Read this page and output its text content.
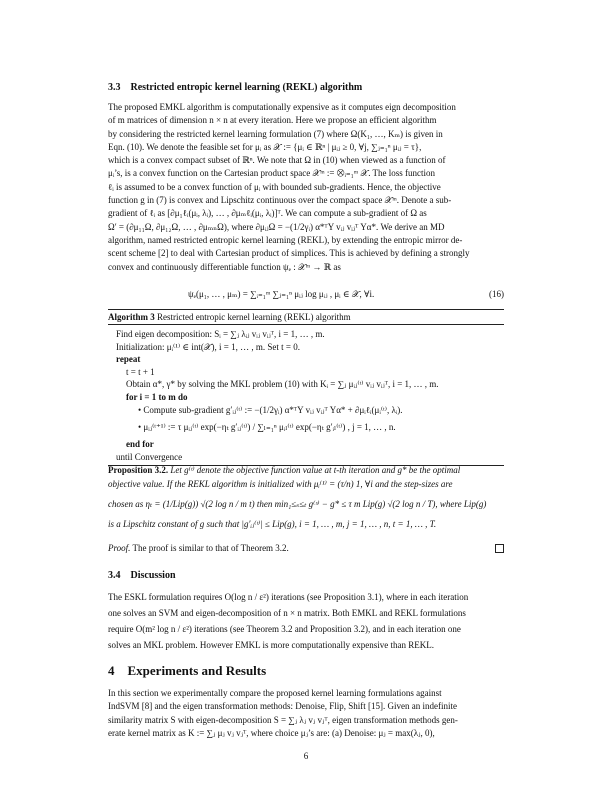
3.3 Restricted entropic kernel learning (REKL) algorithm
The proposed EMKL algorithm is computationally expensive as it computes eign decomposition
of m matrices of dimension n × n at every iteration. Here we propose an efficient algorithm
by considering the restricted kernel learning formulation (7) where Ω(K₁, …, Kₘ) is given in
Eqn. (10). We denote the feasible set for μᵢ as 𝒳 := {μᵢ ∈ ℝⁿ | μᵢⱼ ≥ 0, ∀j, ∑ⱼ₌₁ⁿ μᵢⱼ = τ},
which is a convex compact subset of ℝⁿ. We note that Ω in (10) when viewed as a function of
μᵢ’s, is a convex function on the Cartesian product space 𝒳ᵐ := ⨂ᵢ₌₁ᵐ 𝒳. The loss function
ℓᵢ is assumed to be a convex function of μᵢ with bounded sub-gradients. Hence, the objective
function g in (7) is convex and Lipschitz continuous over the compact space 𝒳ᵐ. Denote a sub-
gradient of ℓᵢ as [∂μ₁ℓᵢ(μᵢ, λᵢ), … , ∂μₘℓᵢ(μᵢ, λᵢ)]ᵀ. We can compute a sub-gradient of Ω as
Ω′ = (∂μ₁₁Ω, ∂μ₁₂Ω, … , ∂μₘₙΩ), where ∂μᵢⱼΩ = −(1/2γᵢ) α*ᵀY vᵢⱼ vᵢⱼᵀ Yα*. We derive an MD
algorithm, named restricted entropic kernel learning (REKL), by extending the entropic mirror de-
scent scheme [2] to deal with Cartesian product of simplices. This is achieved by defining a strongly
convex and continuously differentiable function ψₑ : 𝒳ᵐ → ℝ as
ψₑ(μ₁, … , μₘ) = ∑ᵢ₌₁ᵐ ∑ⱼ₌₁ⁿ μᵢⱼ log μᵢⱼ , μᵢ ∈ 𝒳, ∀i.	(16)
Algorithm 3 Restricted entropic kernel learning (REKL) algorithm
Find eigen decomposition: Sᵢ = ∑ⱼ λᵢⱼ vᵢⱼ vᵢⱼᵀ, i = 1, … , m.
Initialization: μᵢ⁽¹⁾ ∈ int(𝒳), i = 1, … , m. Set t = 0.
repeat
t = t + 1
Obtain α*, γ* by solving the MKL problem (10) with Kᵢ = ∑ⱼ μᵢⱼ⁽ᵗ⁾ vᵢⱼ vᵢⱼᵀ, i = 1, … , m.
for i = 1 to m do
• Compute sub-gradient g′ᵢⱼ⁽ᵗ⁾ := −(1/2γᵢ) α*ᵀY vᵢⱼ vᵢⱼᵀ Yα* + ∂μᵢℓᵢ(μᵢ⁽ᵗ⁾, λᵢ).
• μᵢⱼ⁽ᵗ⁺¹⁾ := τ μᵢⱼ⁽ᵗ⁾ exp(−ηₜ g′ᵢⱼ⁽ᵗ⁾) / ∑ₗ₌₁ⁿ μᵢₗ⁽ᵗ⁾ exp(−ηₜ g′ᵢₗ⁽ᵗ⁾) , j = 1, … , n.
end for
until Convergence
Proposition 3.2. Let g⁽ᵗ⁾ denote the objective function value at t-th iteration and g* be the optimal
objective value. If the REKL algorithm is initialized with μᵢ⁽¹⁾ = (τ/n) 1, ∀i and the step-sizes are
chosen as ηₜ = (1/Lip(g)) √(2 log n / m t) then min₁≤ₛ≤ₜ g⁽ˢ⁾ − g* ≤ τ m Lip(g) √(2 log n / T), where Lip(g)
is a Lipschitz constant of g such that |g′ᵢⱼ⁽ᵗ⁾| ≤ Lip(g), i = 1, … , m, j = 1, … , n, t = 1, … , T.
Proof. The proof is similar to that of Theorem 3.2.
3.4 Discussion
The ESKL formulation requires O(log n / ε²) iterations (see Proposition 3.1), where in each iteration
one solves an SVM and eigen-decomposition of n × n matrix. Both EMKL and REKL formulations
require O(m² log n / ε²) iterations (see Theorem 3.2 and Proposition 3.2), and in each iteration one
solves an MKL problem. However EMKL is more computationally expensive than REKL.
4 Experiments and Results
In this section we experimentally compare the proposed kernel learning formulations against
IndSVM [8] and the eigen transformation methods: Denoise, Flip, Shift [15]. Given an indefinite
similarity matrix S with eigen-decomposition S = ∑ⱼ λⱼ vⱼ vⱼᵀ, eigen transformation methods gen-
erate kernel matrix as K := ∑ⱼ μⱼ vⱼ vⱼᵀ, where choice μⱼ’s are: (a) Denoise: μⱼ = max(λⱼ, 0),
6
